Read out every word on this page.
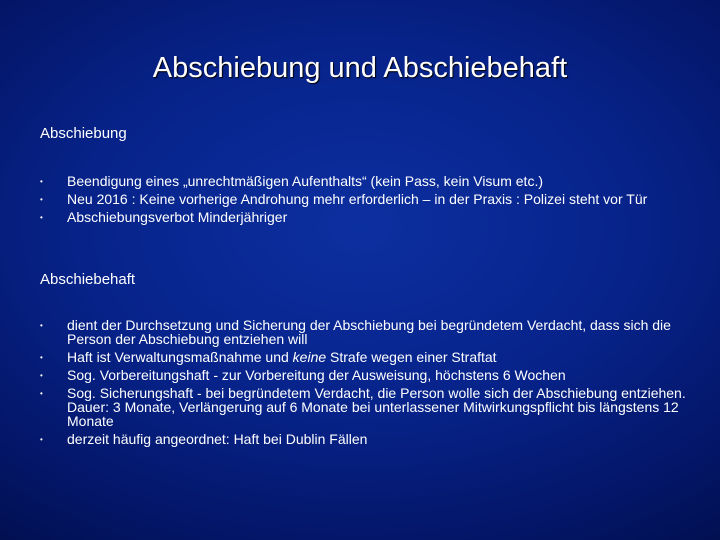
Abschiebung und Abschiebehaft
Abschiebung
•	Beendigung eines „unrechtmäßigen Aufenthalts“ (kein Pass, kein Visum etc.)
•	Neu 2016 : Keine vorherige Androhung mehr erforderlich – in der Praxis : Polizei steht vor Tür
•	Abschiebungsverbot Minderjähriger
Abschiebehaft
•	dient der Durchsetzung und Sicherung der Abschiebung bei begründetem Verdacht, dass sich die Person der Abschiebung entziehen will
•	Haft ist Verwaltungsmaßnahme und keine Strafe wegen einer Straftat
•	Sog. Vorbereitungshaft - zur Vorbereitung der Ausweisung, höchstens 6 Wochen
•	Sog. Sicherungshaft - bei begründetem Verdacht, die Person wolle sich der Abschiebung entziehen. Dauer: 3 Monate, Verlängerung auf 6 Monate bei unterlassener Mitwirkungspflicht bis längstens 12 Monate
•	derzeit häufig angeordnet: Haft bei Dublin Fällen
